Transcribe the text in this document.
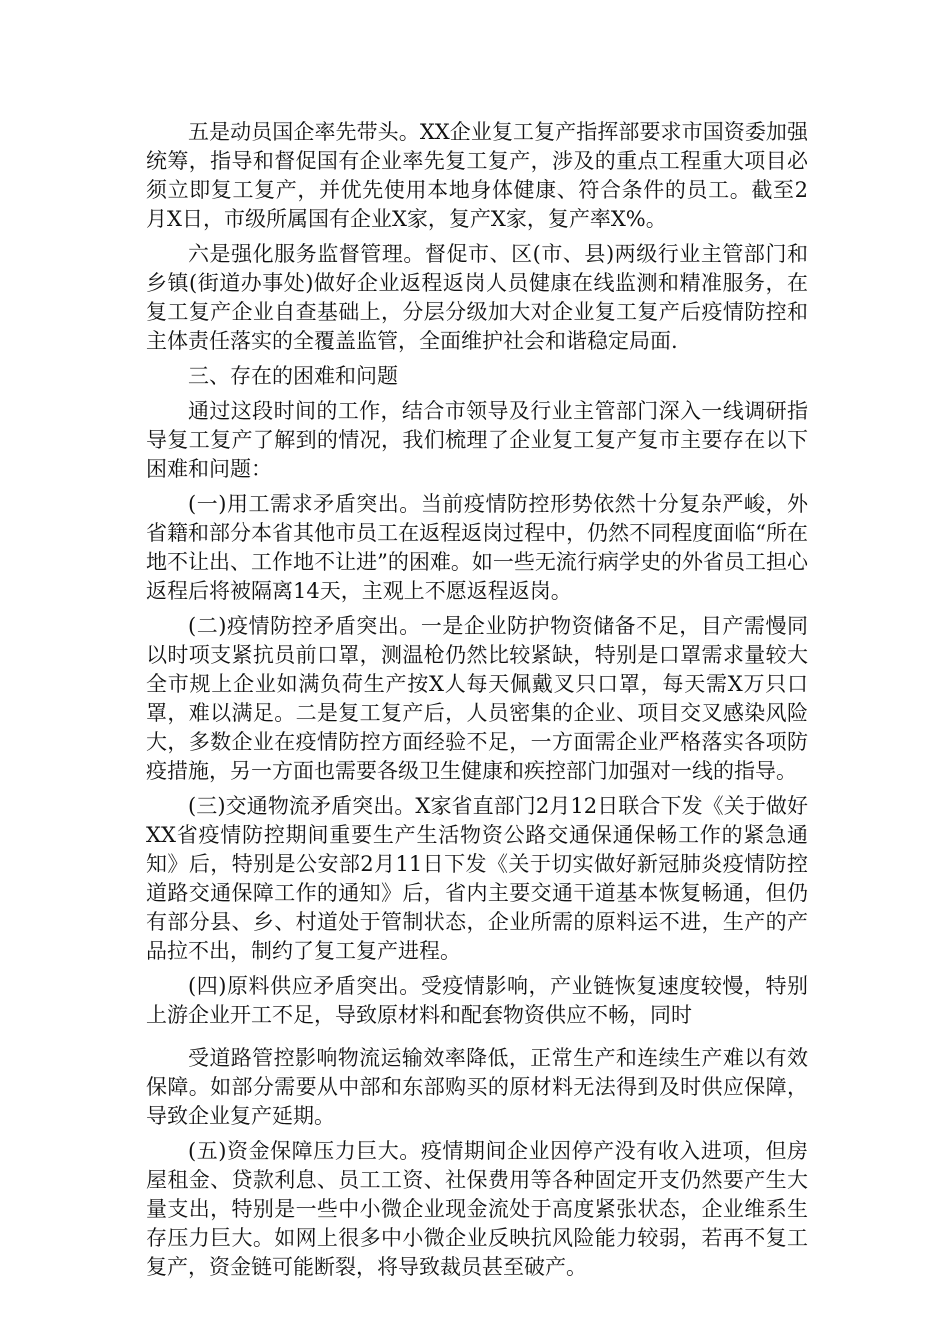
五是动员国企率先带头。XX企业复工复产指挥部要求市国资委加强统筹，指导和督促国有企业率先复工复产，涉及的重点工程重大项目必须立即复工复产，并优先使用本地身体健康、符合条件的员工。截至2月X日，市级所属国有企业X家，复产X家，复产率X%。

六是强化服务监督管理。督促市、区(市、县)两级行业主管部门和乡镇(街道办事处)做好企业返程返岗人员健康在线监测和精准服务，在复工复产企业自查基础上，分层分级加大对企业复工复产后疫情防控和主体责任落实的全覆盖监管，全面维护社会和谐稳定局面.

三、存在的困难和问题

通过这段时间的工作，结合市领导及行业主管部门深入一线调研指导复工复产了解到的情况，我们梳理了企业复工复产复市主要存在以下困难和问题：

(一)用工需求矛盾突出。当前疫情防控形势依然十分复杂严峻，外省籍和部分本省其他市员工在返程返岗过程中，仍然不同程度面临“所在地不让出、工作地不让进”的困难。如一些无流行病学史的外省员工担心返程后将被隔离14天，主观上不愿返程返岗。

(二)疫情防控矛盾突出。一是企业防护物资储备不足，目产需慢同以时项支紧抗员前口罩，测温枪仍然比较紧缺，特别是口罩需求量较大全市规上企业如满负荷生产按X人每天佩戴叉只口罩，每天需X万只口罩，难以满足。二是复工复产后，人员密集的企业、项目交叉感染风险大，多数企业在疫情防控方面经验不足，一方面需企业严格落实各项防疫措施，另一方面也需要各级卫生健康和疾控部门加强对一线的指导。

(三)交通物流矛盾突出。X家省直部门2月12日联合下发《关于做好XX省疫情防控期间重要生产生活物资公路交通保通保畅工作的紧急通知》后，特别是公安部2月11日下发《关于切实做好新冠肺炎疫情防控道路交通保障工作的通知》后，省内主要交通干道基本恢复畅通，但仍有部分县、乡、村道处于管制状态，企业所需的原料运不进，生产的产品拉不出，制约了复工复产进程。

(四)原料供应矛盾突出。受疫情影响，产业链恢复速度较慢，特别上游企业开工不足，导致原材料和配套物资供应不畅，同时

受道路管控影响物流运输效率降低，正常生产和连续生产难以有效保障。如部分需要从中部和东部购买的原材料无法得到及时供应保障，导致企业复产延期。

(五)资金保障压力巨大。疫情期间企业因停产没有收入进项，但房屋租金、贷款利息、员工工资、社保费用等各种固定开支仍然要产生大量支出，特别是一些中小微企业现金流处于高度紧张状态，企业维系生存压力巨大。如网上很多中小微企业反映抗风险能力较弱，若再不复工复产，资金链可能断裂，将导致裁员甚至破产。
